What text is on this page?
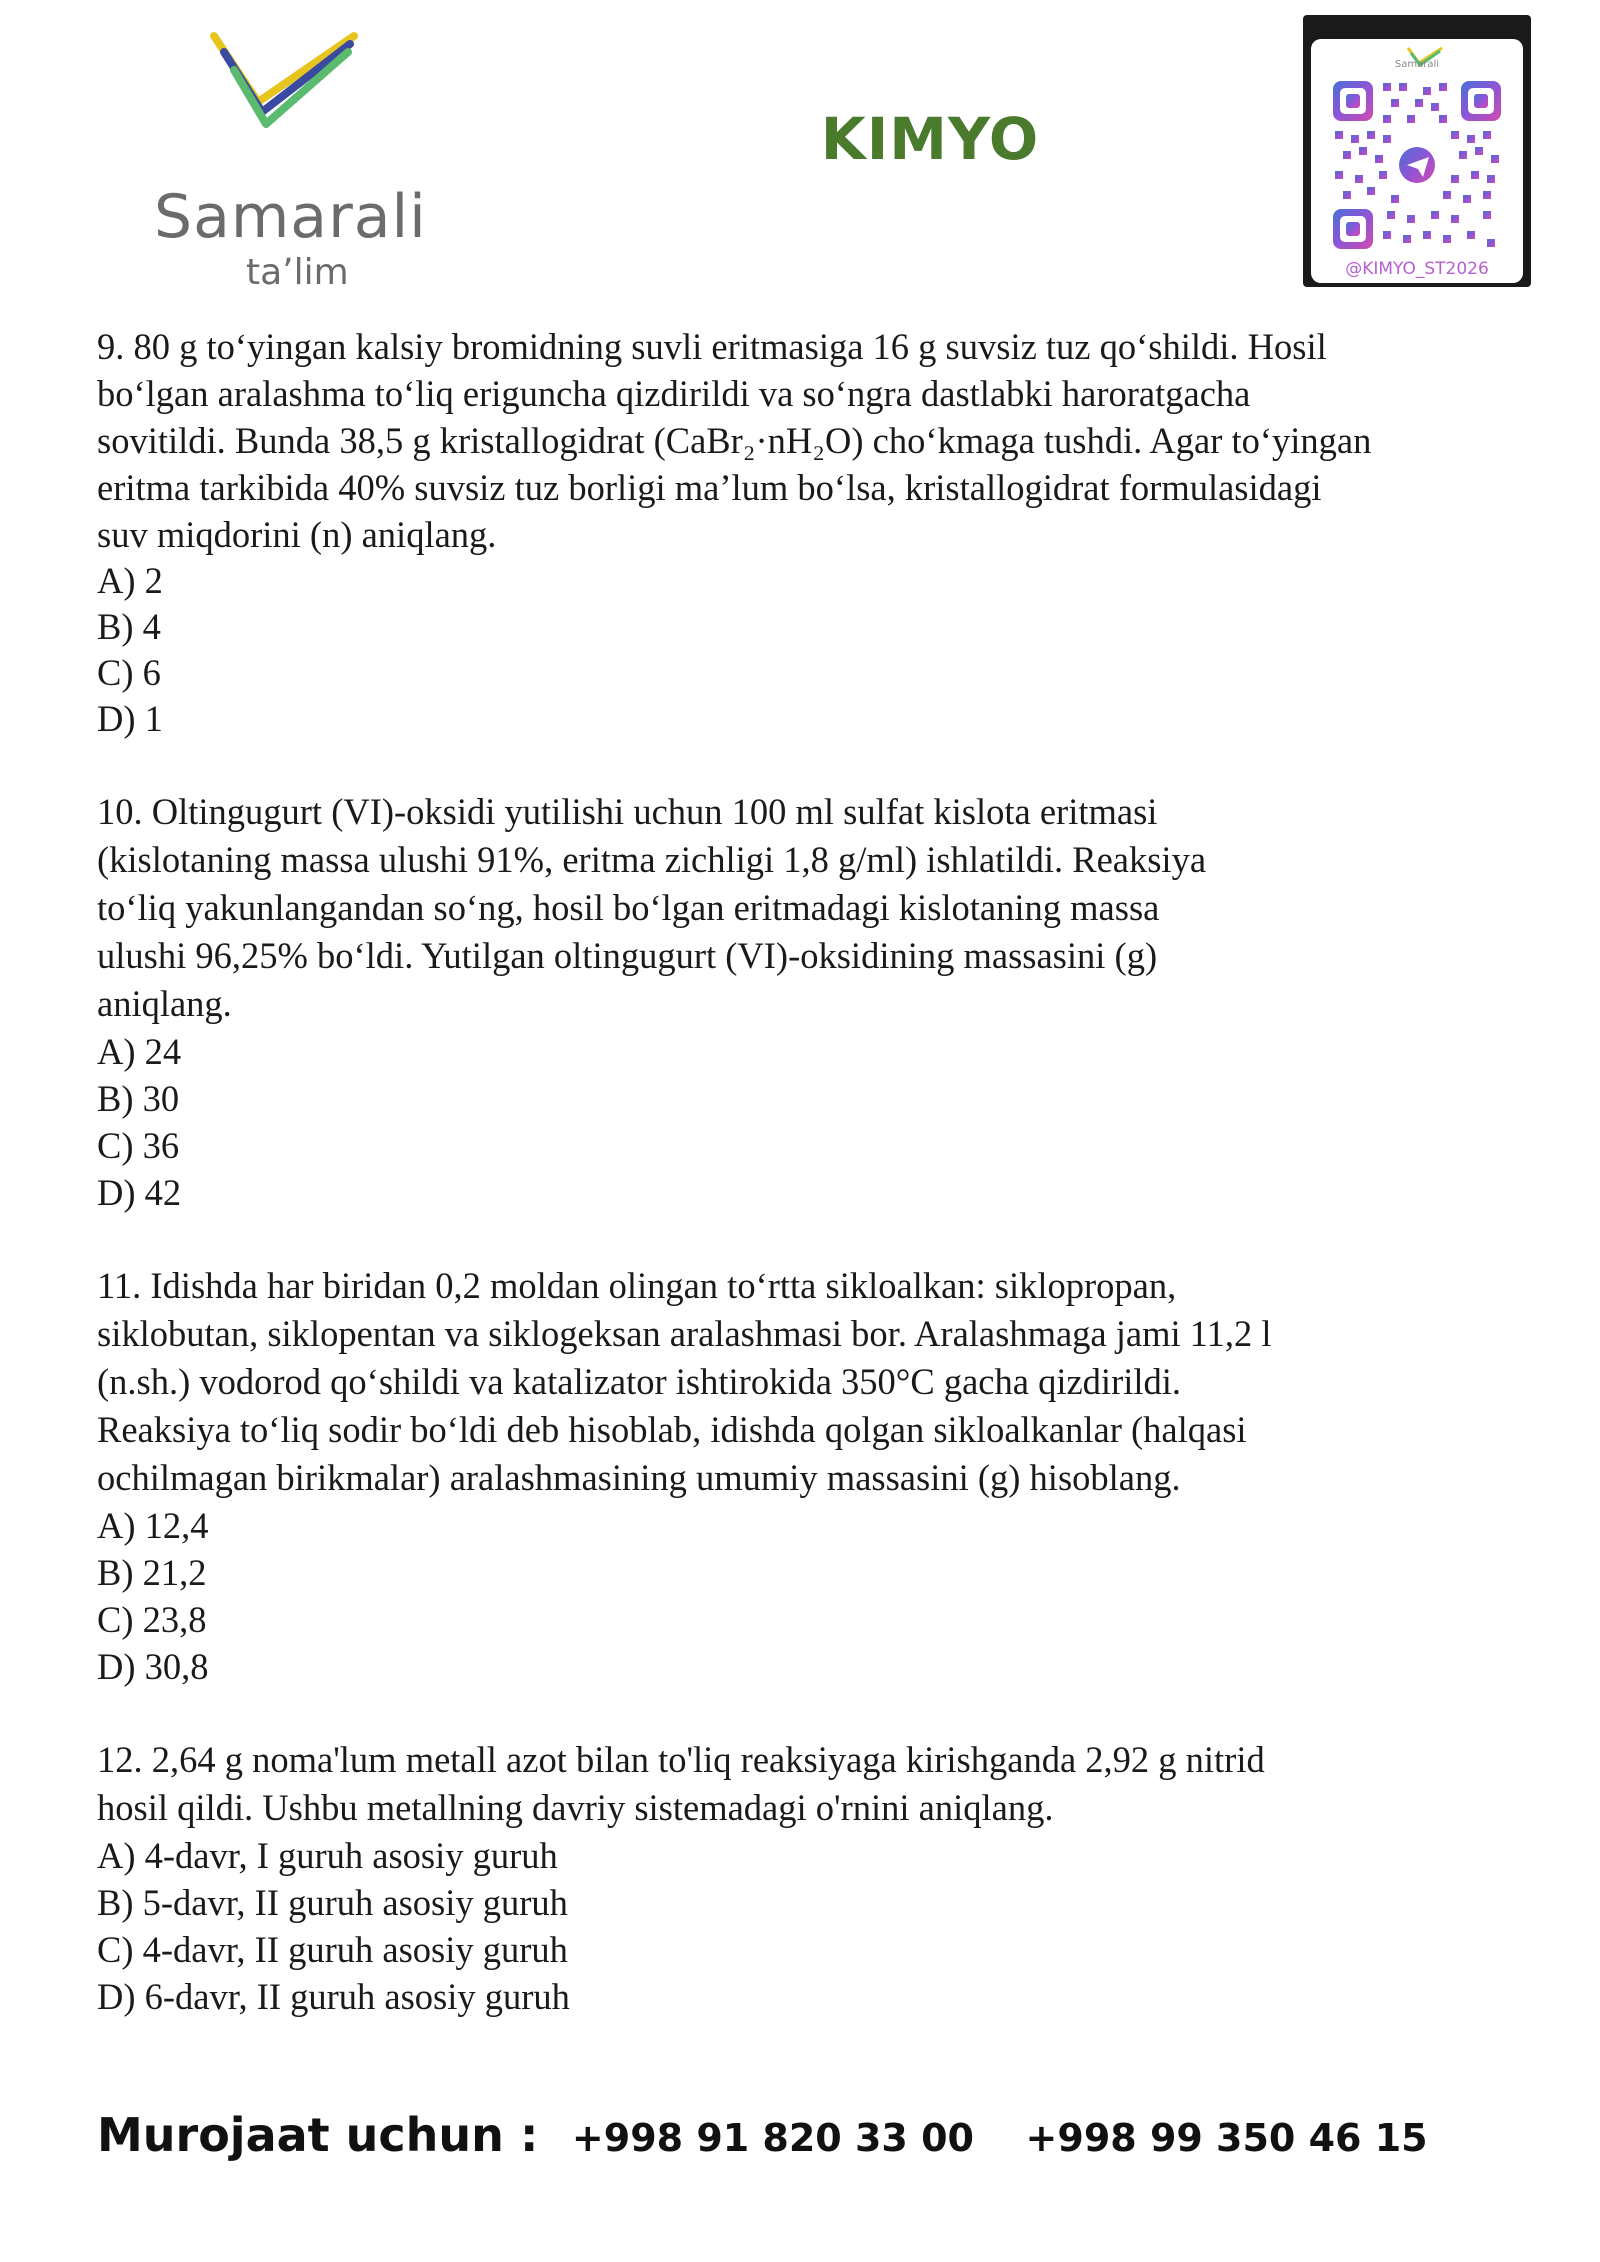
Samarali
ta’lim
KIMYO
Samarali
@KIMYO_ST2026

9. 80 g to‘yingan kalsiy bromidning suvli eritmasiga 16 g suvsiz tuz qo‘shildi. Hosil

bo‘lgan aralashma to‘liq eriguncha qizdirildi va so‘ngra dastlabki haroratgacha

sovitildi. Bunda 38,5 g kristallogidrat (CaBr₂·nH₂O) cho‘kmaga tushdi. Agar to‘yingan

eritma tarkibida 40% suvsiz tuz borligi ma’lum bo‘lsa, kristallogidrat formulasidagi

suv miqdorini (n) aniqlang.

A) 2

B) 4

C) 6

D) 1

10. Oltingugurt (VI)-oksidi yutilishi uchun 100 ml sulfat kislota eritmasi

(kislotaning massa ulushi 91%, eritma zichligi 1,8 g/ml) ishlatildi. Reaksiya

to‘liq yakunlangandan so‘ng, hosil bo‘lgan eritmadagi kislotaning massa

ulushi 96,25% bo‘ldi. Yutilgan oltingugurt (VI)-oksidining massasini (g)

aniqlang.

A) 24

B) 30

C) 36

D) 42

11. Idishda har biridan 0,2 moldan olingan to‘rtta sikloalkan: siklopropan,

siklobutan, siklopentan va siklogeksan aralashmasi bor. Aralashmaga jami 11,2 l

(n.sh.) vodorod qo‘shildi va katalizator ishtirokida 350°C gacha qizdirildi.

Reaksiya to‘liq sodir bo‘ldi deb hisoblab, idishda qolgan sikloalkanlar (halqasi

ochilmagan birikmalar) aralashmasining umumiy massasini (g) hisoblang.

A) 12,4

B) 21,2

C) 23,8

D) 30,8

12. 2,64 g noma'lum metall azot bilan to'liq reaksiyaga kirishganda 2,92 g nitrid

hosil qildi. Ushbu metallning davriy sistemadagi o'rnini aniqlang.

A) 4-davr, I guruh asosiy guruh

B) 5-davr, II guruh asosiy guruh

C) 4-davr, II guruh asosiy guruh

D) 6-davr, II guruh asosiy guruh

Murojaat uchun : +998 91 820 33 00 +998 99 350 46 15
